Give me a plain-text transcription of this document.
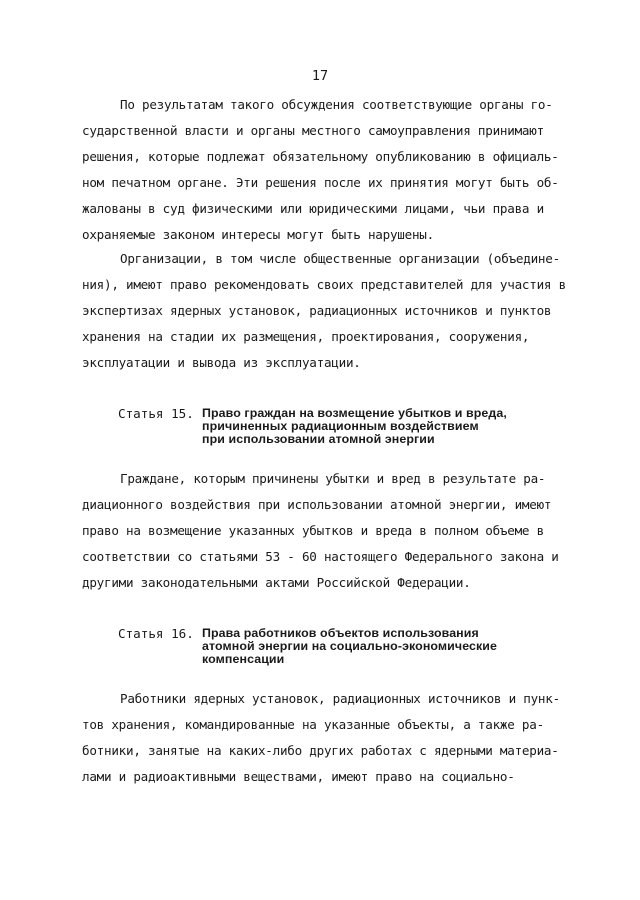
17
По результатам такого обсуждения соответствующие органы го-
сударственной власти и органы местного самоуправления принимают
решения, которые подлежат обязательному опубликованию в официаль-
ном печатном органе. Эти решения после их принятия могут быть об-
жалованы в суд физическими или юридическими лицами, чьи права и
охраняемые законом интересы могут быть нарушены.
Организации, в том числе общественные организации (объедине-
ния), имеют право рекомендовать своих представителей для участия в
экспертизах ядерных установок, радиационных источников и пунктов
хранения на стадии их размещения, проектирования, сооружения,
эксплуатации и вывода из эксплуатации.
Статья 15. Право граждан на возмещение убытков и вреда,
причиненных радиационным воздействием
при использовании атомной энергии
Граждане, которым причинены убытки и вред в результате ра-
диационного воздействия при использовании атомной энергии, имеют
право на возмещение указанных убытков и вреда в полном объеме в
соответствии со статьями 53 - 60 настоящего Федерального закона и
другими законодательными актами Российской Федерации.
Статья 16. Права работников объектов использования
атомной энергии на социально-экономические
компенсации
Работники ядерных установок, радиационных источников и пунк-
тов хранения, командированные на указанные объекты, а также ра-
ботники, занятые на каких-либо других работах с ядерными материа-
лами и радиоактивными веществами, имеют право на социально-
